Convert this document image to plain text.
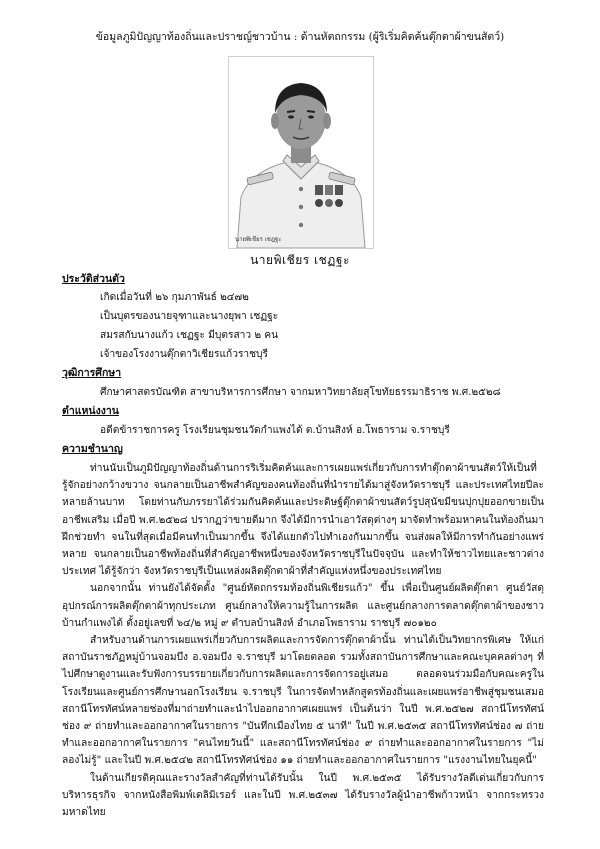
ข้อมูลภูมิปัญญาท้องถิ่นและปราชญ์ชาวบ้าน : ด้านหัตถกรรม (ผู้ริเริ่มคิดค้นตุ๊กตาผ้าขนสัตว์)
นายพิเชียร เชฎฐะ
นายพิเชียร เชฏฐะ
ประวัติส่วนตัว
เกิดเมื่อวันที่ ๒๖ กุมภาพันธ์ ๒๔๗๒
เป็นบุตรของนายจุฑาและนางยุพา เชฏฐะ
สมรสกับนางแก้ว เชฏฐะ มีบุตรสาว ๒ คน
เจ้าของโรงงานตุ๊กตาวิเชียรแก้วราชบุรี
วุฒิการศึกษา
ศึกษาศาสตรบัณฑิต สาขาบริหารการศึกษา จากมหาวิทยาลัยสุโขทัยธรรมาธิราช พ.ศ.๒๕๒๘
ตำแหน่งงาน
อดีตข้าราชการครู โรงเรียนชุมชนวัดกำแพงได้ ต.บ้านสิงห์ อ.โพธาราม จ.ราชบุรี
ความชำนาญ

ท่านนับเป็นภูมิปัญญาท้องถิ่นด้านการริเริ่มคิดค้นและการเผยแพร่เกี่ยวกับการทำตุ๊กตาผ้าขนสัตว์ให้เป็นที่รู้จักอย่างกว้างขวาง จนกลายเป็นอาชีพสำคัญของคนท้องถิ่นที่นำรายได้มาสู่จังหวัดราชบุรี และประเทศไทยปีละหลายล้านบาท โดยท่านกับภรรยาได้ร่วมกันคิดค้นและประดิษฐ์ตุ๊กตาผ้าขนสัตว์รูปสุนัขมีขนปุกปุยออกขายเป็นอาชีพเสริม เมื่อปี พ.ศ.๒๕๒๘ ปรากฏว่าขายดีมาก จึงได้มีการนำเอาวัสดุต่างๆ มาจัดทำพร้อมหาคนในท้องถิ่นมาฝึกช่วยทำ จนในที่สุดเมื่อมีคนทำเป็นมากขึ้น จึงได้แยกตัวไปทำเองกันมากขึ้น จนส่งผลให้มีการทำกันอย่างแพร่หลาย จนกลายเป็นอาชีพท้องถิ่นที่สำคัญอาชีพหนึ่งของจังหวัดราชบุรีในปัจจุบัน และทำให้ชาวไทยและชาวต่างประเทศ ได้รู้จักว่า จังหวัดราชบุรีเป็นแหล่งผลิตตุ๊กตาผ้าที่สำคัญแห่งหนึ่งของประเทศไทย

นอกจากนั้น ท่านยังได้จัดตั้ง "ศูนย์หัตถกรรมท้องถิ่นพิเชียรแก้ว" ขึ้น เพื่อเป็นศูนย์ผลิตตุ๊กตา ศูนย์วัสดุอุปกรณ์การผลิตตุ๊กตาผ้าทุกประเภท ศูนย์กลางให้ความรู้ในการผลิต และศูนย์กลางการตลาดตุ๊กตาผ้าของชาวบ้านกำแพงได้ ตั้งอยู่เลขที่ ๖๔/๒ หมู่ ๙ ตำบลบ้านสิงห์ อำเภอโพธาราม ราชบุรี ๗๐๑๒๐

สำหรับงานด้านการเผยแพร่เกี่ยวกับการผลิตและการจัดการตุ๊กตาผ้านั้น ท่านได้เป็นวิทยากรพิเศษ ให้แก่สถาบันราชภัฏหมู่บ้านจอมบึง อ.จอมบึง จ.ราชบุรี มาโดยตลอด รวมทั้งสถาบันการศึกษาและคณะบุคคลต่างๆ ที่ไปศึกษาดูงานและรับฟังการบรรยายเกี่ยวกับการผลิตและการจัดการอยู่เสมอ ตลอดจนร่วมมือกับคณะครูในโรงเรียนและศูนย์การศึกษานอกโรงเรียน จ.ราชบุรี ในการจัดทำหลักสูตรท้องถิ่นและเผยแพร่อาชีพสู่ชุมชนเสมอ สถานีโทรทัศน์หลายช่องที่มาถ่ายทำและนำไปออกอากาศเผยแพร่ เป็นต้นว่า ในปี พ.ศ.๒๕๒๗ สถานีโทรทัศน์ช่อง ๙ ถ่ายทำและออกอากาศในรายการ "บันทึกเมืองไทย ๕ นาที" ในปี พ.ศ.๒๕๓๕ สถานีโทรทัศน์ช่อง ๗ ถ่ายทำและออกอากาศในรายการ "คนไทยวันนี้" และสถานีโทรทัศน์ช่อง ๙ ถ่ายทำและออกอากาศในรายการ "ไม่ลองไม่รู้" และในปี พ.ศ.๒๕๔๒ สถานีโทรทัศน์ช่อง ๑๑ ถ่ายทำและออกอากาศในรายการ "แรงงานไทยในยุคนี้"

ในด้านเกียรติคุณและรางวัลสำคัญที่ท่านได้รับนั้น ในปี พ.ศ.๒๕๓๕ ได้รับรางวัลดีเด่นเกี่ยวกับการบริหารธุรกิจ จากหนังสือพิมพ์เดลิมิเรอร์ และในปี พ.ศ.๒๕๓๗ ได้รับรางวัลผู้นำอาชีพก้าวหน้า จากกระทรวงมหาดไทย
